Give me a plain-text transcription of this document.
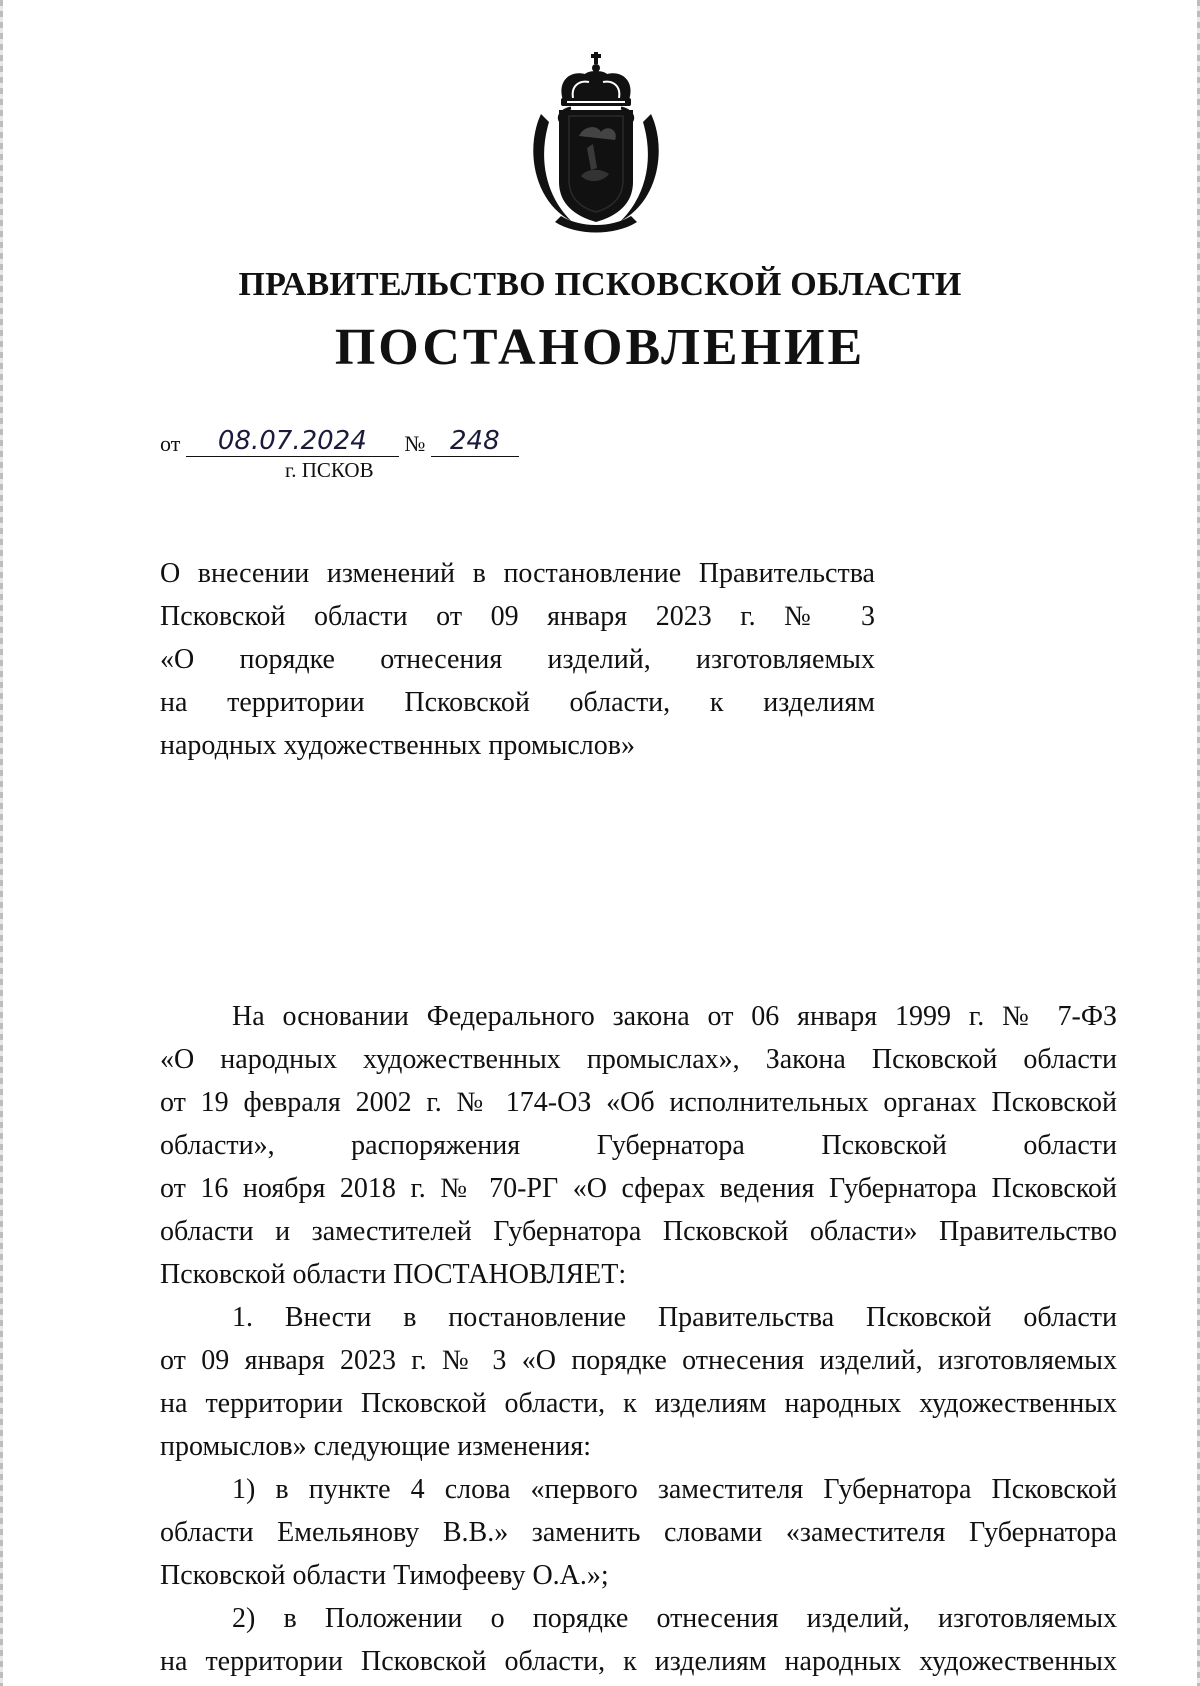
ПРАВИТЕЛЬСТВО ПСКОВСКОЙ ОБЛАСТИ
ПОСТАНОВЛЕНИЕ
от 08.07.2024 № 248
г. ПСКОВ
О внесении изменений в постановление Правительства
Псковской области от 09 января 2023 г. № 3
«О порядке отнесения изделий, изготовляемых
на территории Псковской области, к изделиям
народных художественных промыслов»
На основании Федерального закона от 06 января 1999 г. № 7-ФЗ
«О народных художественных промыслах», Закона Псковской области
от 19 февраля 2002 г. № 174-ОЗ «Об исполнительных органах Псковской
области», распоряжения Губернатора Псковской области
от 16 ноября 2018 г. № 70-РГ «О сферах ведения Губернатора Псковской
области и заместителей Губернатора Псковской области» Правительство
Псковской области ПОСТАНОВЛЯЕТ:
1. Внести в постановление Правительства Псковской области
от 09 января 2023 г. № 3 «О порядке отнесения изделий, изготовляемых
на территории Псковской области, к изделиям народных художественных
промыслов» следующие изменения:
1) в пункте 4 слова «первого заместителя Губернатора Псковской
области Емельянову В.В.» заменить словами «заместителя Губернатора
Псковской области Тимофееву О.А.»;
2) в Положении о порядке отнесения изделий, изготовляемых
на территории Псковской области, к изделиям народных художественных
